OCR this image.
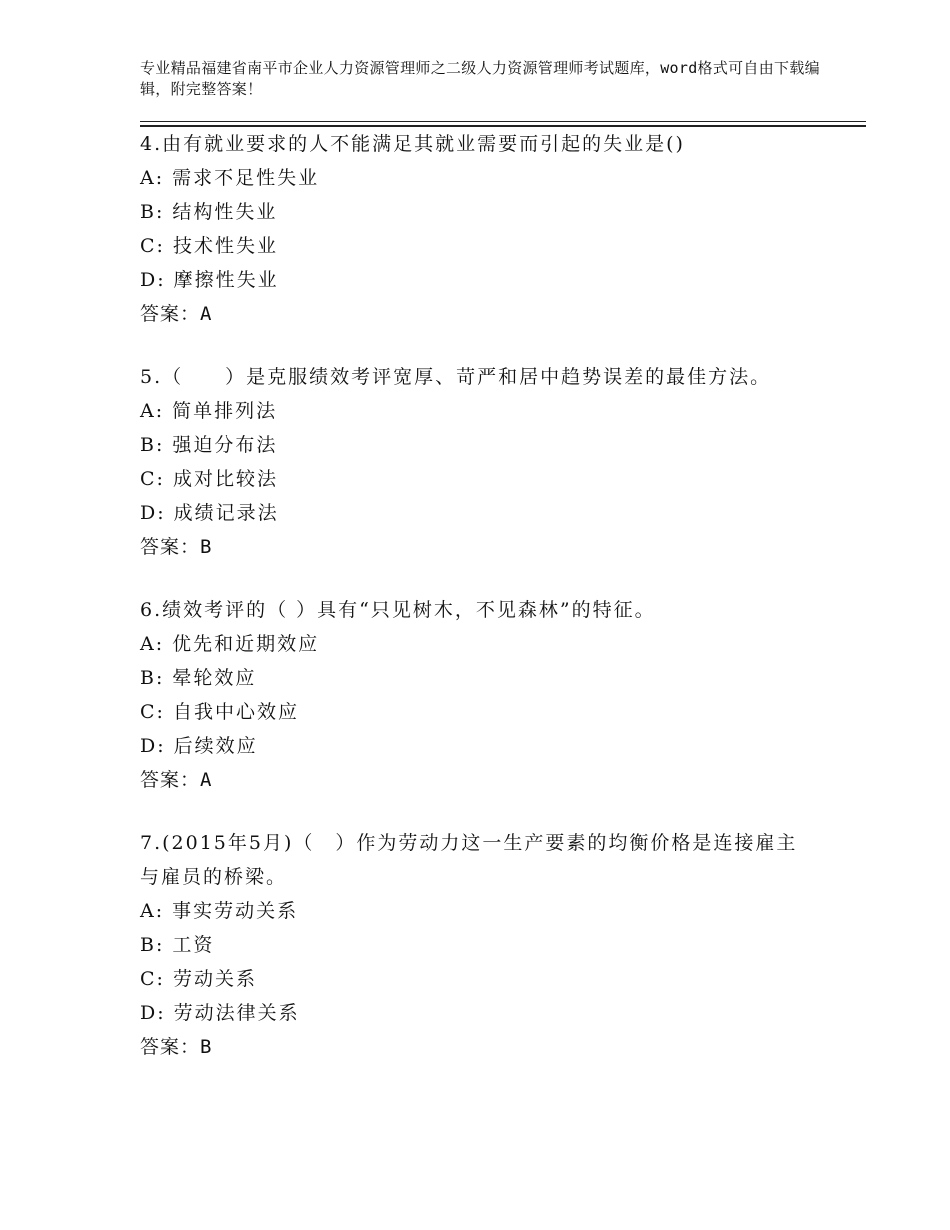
专业精品福建省南平市企业人力资源管理师之二级人力资源管理师考试题库，word格式可自由下载编辑，附完整答案！
4.由有就业要求的人不能满足其就业需要而引起的失业是()
A: 需求不足性失业
B: 结构性失业
C: 技术性失业
D: 摩擦性失业
答案：A
5.（　　）是克服绩效考评宽厚、苛严和居中趋势误差的最佳方法。
A: 简单排列法
B: 强迫分布法
C: 成对比较法
D: 成绩记录法
答案：B
6.绩效考评的（ ）具有“只见树木，不见森林”的特征。
A: 优先和近期效应
B: 晕轮效应
C: 自我中心效应
D: 后续效应
答案：A
7.(2015年5月)（　）作为劳动力这一生产要素的均衡价格是连接雇主与雇员的桥梁。
A: 事实劳动关系
B: 工资
C: 劳动关系
D: 劳动法律关系
答案：B
